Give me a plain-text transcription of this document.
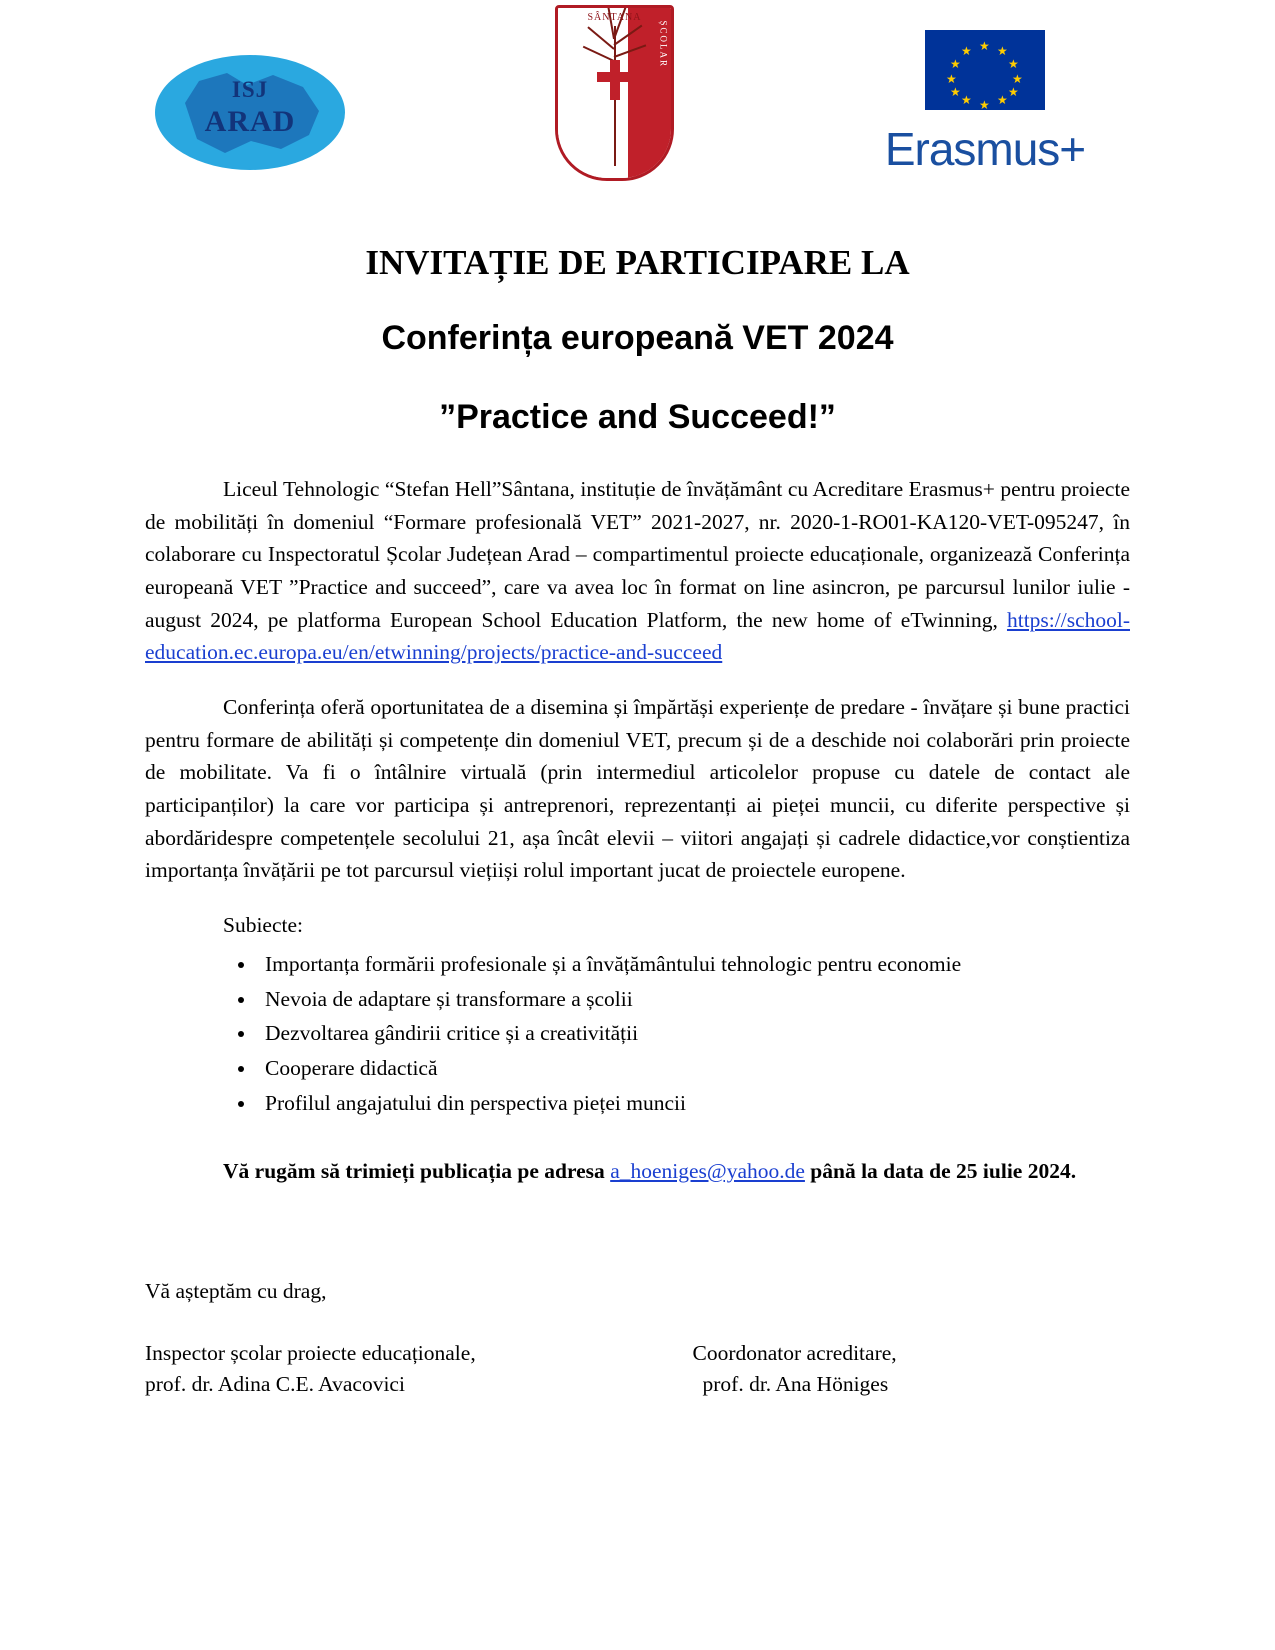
ISJ
ARAD
SÂNTANA
GRUPUL
ȘCOLAR	★
★ ★
★	★
★	★
★	★
★ ★
★
Erasmus+
INVITAȚIE DE PARTICIPARE LA
Conferința europeană VET 2024
”Practice and Succeed!”

Liceul Tehnologic “Stefan Hell”Sântana, instituție de învățământ cu Acreditare Erasmus+ pentru proiecte de mobilități în domeniul “Formare profesională VET” 2021-2027, nr. 2020-1-RO01-KA120-VET-095247, în colaborare cu Inspectoratul Școlar Județean Arad – compartimentul proiecte educaționale, organizează Conferința europeană VET ”Practice and succeed”, care va avea loc în format on line asincron, pe parcursul lunilor iulie - august 2024, pe platforma European School Education Platform, the new home of eTwinning, https://school-education.ec.europa.eu/en/etwinning/projects/practice-and-succeed

Conferința oferă oportunitatea de a disemina și împărtăși experiențe de predare - învățare și bune practici pentru formare de abilități și competențe din domeniul VET, precum și de a deschide noi colaborări prin proiecte de mobilitate. Va fi o întâlnire virtuală (prin intermediul articolelor propuse cu datele de contact ale participanților) la care vor participa și antreprenori, reprezentanți ai pieței muncii, cu diferite perspective și abordăridespre competențele secolului 21, așa încât elevii – viitori angajați și cadrele didactice,vor conștientiza importanța învățării pe tot parcursul viețiiși rolul important jucat de proiectele europene.

Subiecte:
• Importanța formării profesionale și a învățământului tehnologic pentru economie
• Nevoia de adaptare și transformare a școlii
• Dezvoltarea gândirii critice și a creativității
• Cooperare didactică
• Profilul angajatului din perspectiva pieței muncii

Vă rugăm să trimieți publicația pe adresa a_hoeniges@yahoo.de până la data de 25 iulie 2024.

Vă așteptăm cu drag,
Inspector școlar proiecte educaționale,
prof. dr. Adina C.E. Avacovici
Coordonator acreditare,
prof. dr. Ana Höniges
